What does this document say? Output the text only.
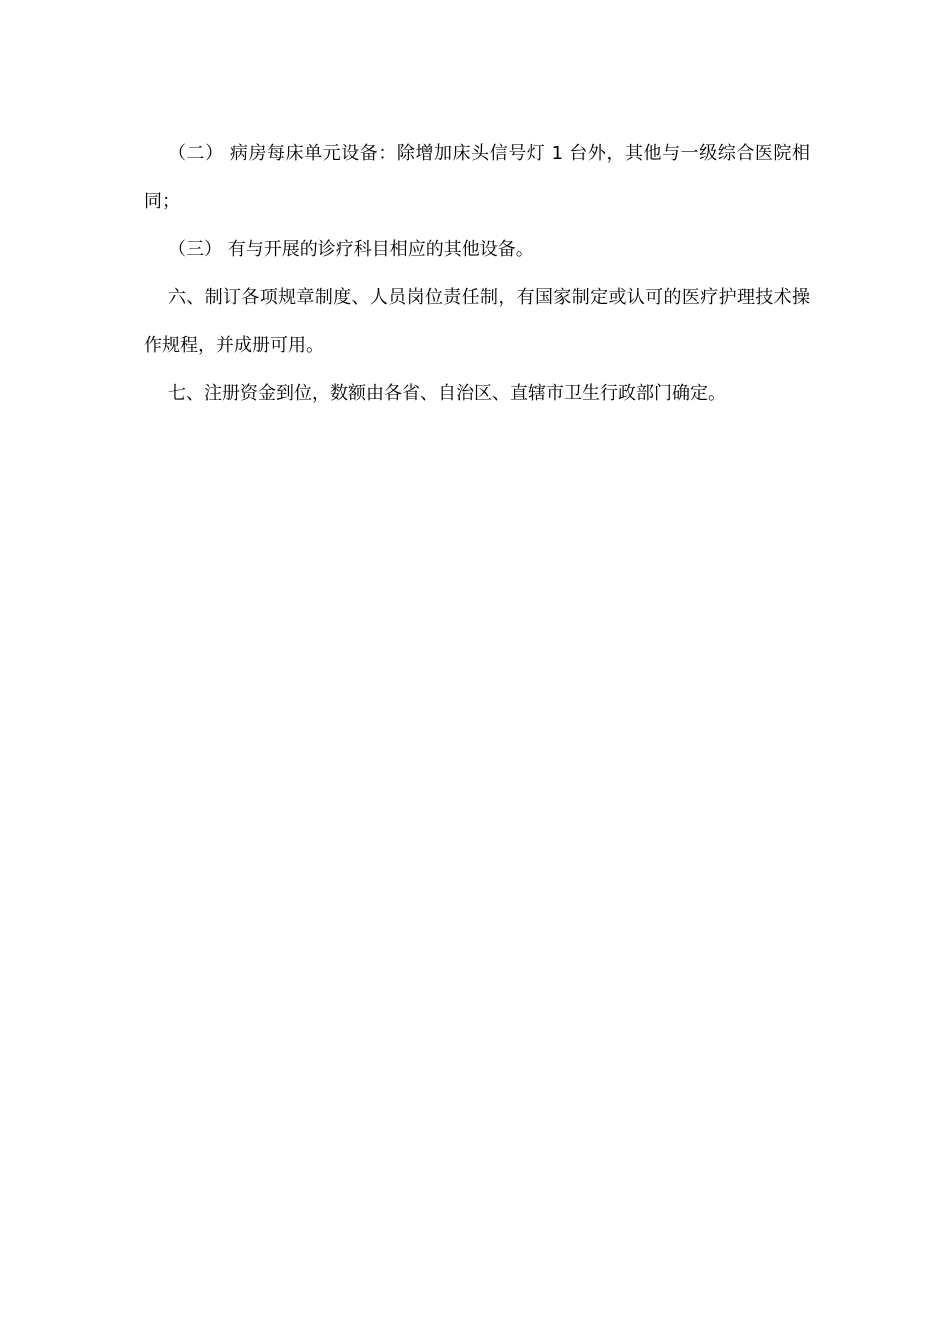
（二） 病房每床单元设备：除增加床头信号灯 1 台外，其他与一级综合医院相同；

（三） 有与开展的诊疗科目相应的其他设备。

六、制订各项规章制度、人员岗位责任制，有国家制定或认可的医疗护理技术操作规程，并成册可用。

七、注册资金到位，数额由各省、自治区、直辖市卫生行政部门确定。
